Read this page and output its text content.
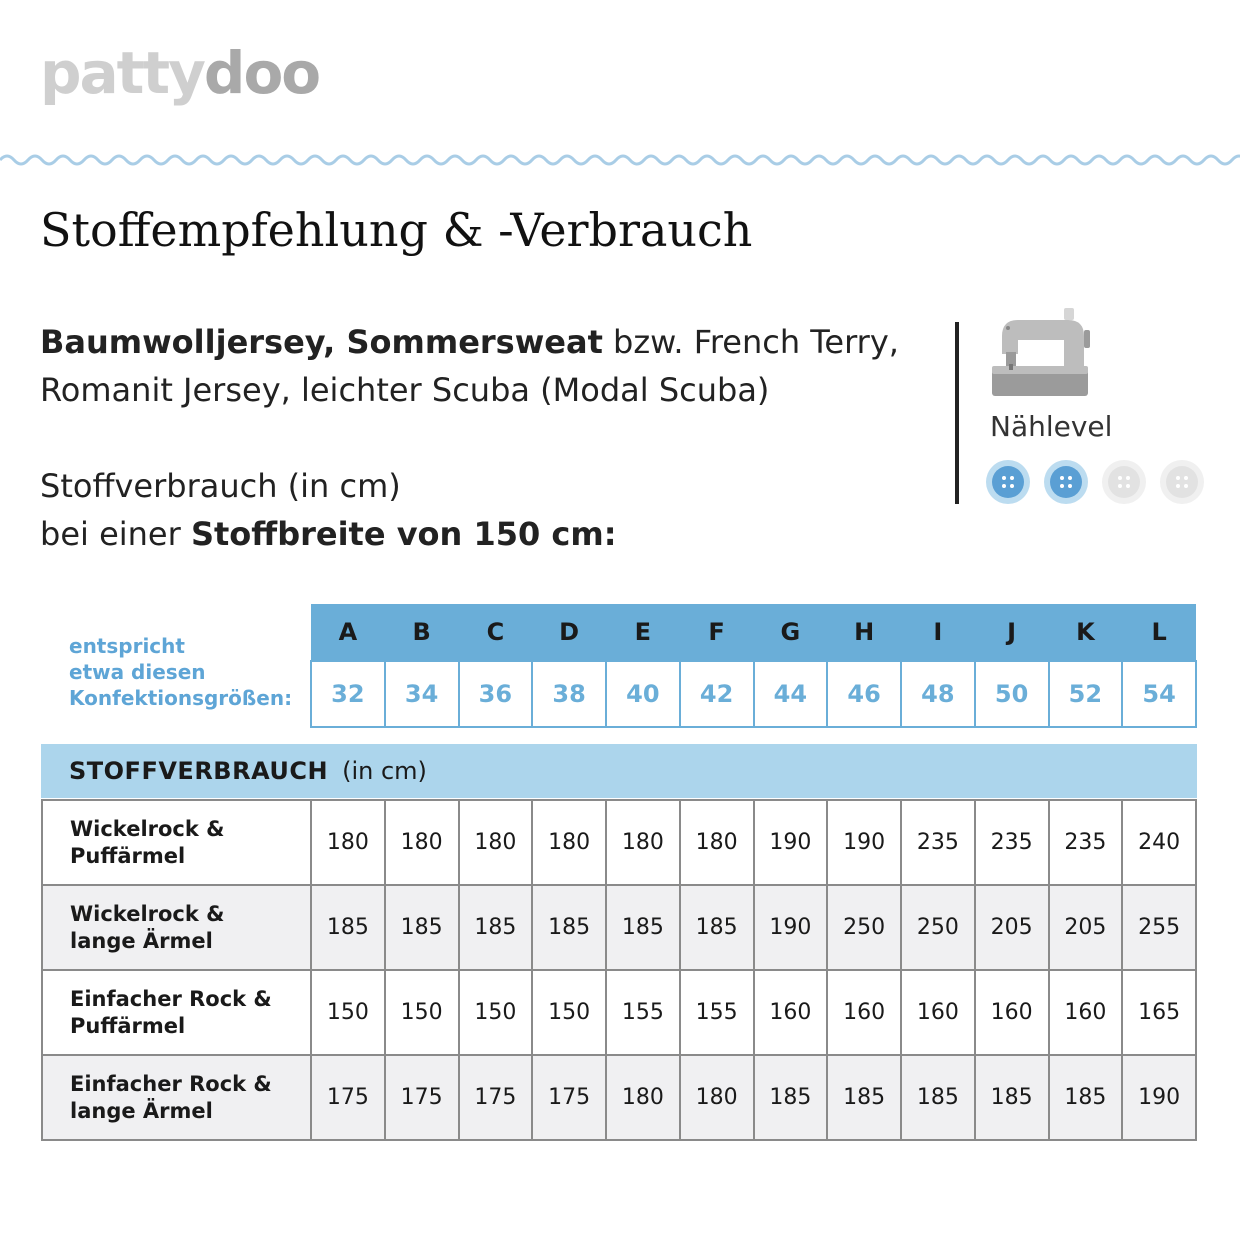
pattydoo
Stoffempfehlung & -Verbrauch
Baumwolljersey, Sommersweat bzw. French Terry,
Romanit Jersey, leichter Scuba (Modal Scuba)
Stoffverbrauch (in cm)
bei einer Stoffbreite von 150 cm:
Nählevel
entspricht
etwa diesen
Konfektionsgrößen:
A	B	C	D	E	F	G	H	I	J	K	L
32	34	36	38	40	42	44	46	48	50	52	54
STOFFVERBRAUCH (in cm)
Wickelrock &
Puffärmel	180	180	180	180	180	180	190	190	235	235	235	240
Wickelrock &
lange Ärmel	185	185	185	185	185	185	190	250	250	205	205	255
Einfacher Rock &
Puffärmel	150	150	150	150	155	155	160	160	160	160	160	165
Einfacher Rock &
lange Ärmel	175	175	175	175	180	180	185	185	185	185	185	190
